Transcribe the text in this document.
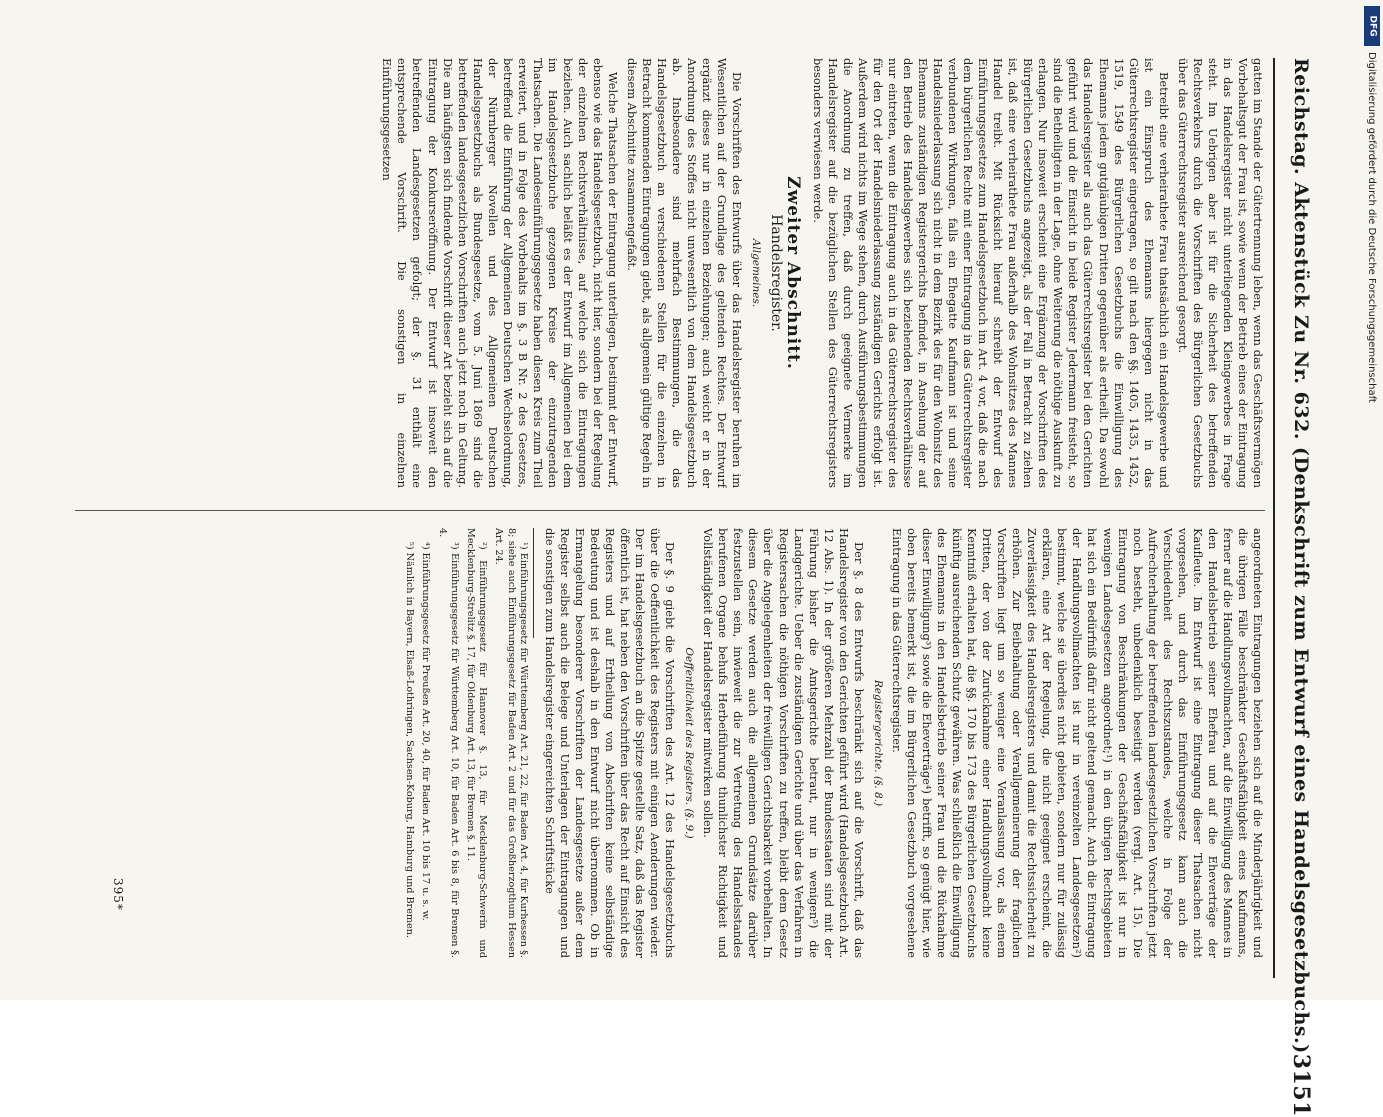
Reichstag. Aktenstück Zu Nr. 632. (Denkschrift zum Entwurf eines Handelsgesetzbuchs.)
3151

gatten im Stande der Gütertrennung leben, wenn das Geschäftsvermögen Vorbehaltsgut der Frau ist, sowie wenn der Betrieb eines der Eintragung in das Handelsregister nicht unterliegenden Kleingewerbes in Frage steht. Im Uebrigen aber ist für die Sicherheit des betreffenden Rechtsverkehrs durch die Vorschriften des Bürgerlichen Gesetzbuchs über das Güterrechtsregister ausreichend gesorgt.

Betreibt eine verheirathete Frau thatsächlich ein Handelsgewerbe und ist ein Einspruch des Ehemanns hiergegen nicht in das Güterrechtsregister eingetragen, so gilt nach den §§. 1405, 1435, 1452, 1519, 1549 des Bürgerlichen Gesetzbuchs die Einwilligung des Ehemanns jedem gutgläubigen Dritten gegenüber als ertheilt. Da sowohl das Handelsregister als auch das Güterrechtsregister bei den Gerichten geführt wird und die Einsicht in beide Register Jedermann freisteht, so sind die Betheiligten in der Lage, ohne Weiterung die nöthige Auskunft zu erlangen. Nur insoweit erscheint eine Ergänzung der Vorschriften des Bürgerlichen Gesetzbuchs angezeigt, als der Fall in Betracht zu ziehen ist, daß eine verheirathete Frau außerhalb des Wohnsitzes des Mannes Handel treibt. Mit Rücksicht hierauf schreibt der Entwurf des Einführungsgesetzes zum Handelsgesetzbuch im Art. 4 vor, daß die nach dem bürgerlichen Rechte mit einer Eintragung in das Güterrechtsregister verbundenen Wirkungen, falls ein Ehegatte Kaufmann ist und seine Handelsniederlassung sich nicht in dem Bezirk des für den Wohnsitz des Ehemanns zuständigen Registergerichts befindet, in Ansehung der auf den Betrieb des Handelsgewerbes sich beziehenden Rechtsverhältnisse nur eintreten, wenn die Eintragung auch in das Güterrechtsregister des für den Ort der Handelsniederlassung zuständigen Gerichts erfolgt ist. Außerdem wird nichts im Wege stehen, durch Ausführungsbestimmungen die Anordnung zu treffen, daß durch geeignete Vermerke im Handelsregister auf die bezüglichen Stellen des Güterrechtsregisters besonders verwiesen werde.

Zweiter Abschnitt.
Handelsregister.
Allgemeines.

Die Vorschriften des Entwurfs über das Handelsregister beruhen im Wesentlichen auf der Grundlage des geltenden Rechtes. Der Entwurf ergänzt dieses nur in einzelnen Beziehungen; auch weicht er in der Anordnung des Stoffes nicht unwesentlich von dem Handelsgesetzbuch ab. Insbesondere sind mehrfach Bestimmungen, die das Handelsgesetzbuch an verschiedenen Stellen für die einzelnen in Betracht kommenden Eintragungen giebt, als allgemein gültige Regeln in diesem Abschnitte zusammengefaßt.

Welche Thatsachen der Eintragung unterliegen, bestimmt der Entwurf, ebenso wie das Handelsgesetzbuch, nicht hier, sondern bei der Regelung der einzelnen Rechtsverhältnisse, auf welche sich die Eintragungen beziehen. Auch sachlich beläßt es der Entwurf im Allgemeinen bei dem im Handelsgesetzbuche gezogenen Kreise der einzutragenden Thatsachen. Die Landeseinführungsgesetze haben diesen Kreis zum Theil erweitert, und in Folge des Vorbehalts im §. 3 B Nr. 2 des Gesetzes, betreffend die Einführung der Allgemeinen Deutschen Wechselordnung, der Nürnberger Novellen und des Allgemeinen Deutschen Handelsgesetzbuchs als Bundesgesetze, vom 5. Juni 1869 sind die betreffenden landesgesetzlichen Vorschriften auch jetzt noch in Geltung. Die am häufigsten sich findende Vorschrift dieser Art bezieht sich auf die Eintragung der Konkurseröffnung. Der Entwurf ist insoweit den betreffenden Landesgesetzen gefolgt; der §. 31 enthält eine entsprechende Vorschrift. Die sonstigen in einzelnen Einführungsgesetzen

angeordneten Eintragungen beziehen sich auf die Minderjährigkeit und die übrigen Fälle beschränkter Geschäftsfähigkeit eines Kaufmanns, ferner auf die Handlungsvollmachten, auf die Einwilligung des Mannes in den Handelsbetrieb seiner Ehefrau und auf die Eheverträge der Kaufleute. Im Entwurf ist eine Eintragung dieser Thatsachen nicht vorgesehen, und durch das Einführungsgesetz kann auch die Verschiedenheit des Rechtszustandes, welche in Folge der Aufrechterhaltung der betreffenden landesgesetzlichen Vorschriften jetzt noch besteht, unbedenklich beseitigt werden (vergl. Art. 15). Die Eintragung von Beschränkungen der Geschäftsfähigkeit ist nur in wenigen Landesgesetzen angeordnet;¹) in den übrigen Rechtsgebieten hat sich ein Bedürfniß dafür nicht geltend gemacht. Auch die Eintragung der Handlungsvollmachten ist nur in vereinzelten Landesgesetzen²) bestimmt, welche sie überdies nicht gebieten, sondern nur für zulässig erklären, eine Art der Regelung, die nicht geeignet erscheint, die Zuverlässigkeit des Handelsregisters und damit die Rechtssicherheit zu erhöhen. Zur Beibehaltung oder Verallgemeinerung der fraglichen Vorschriften liegt um so weniger eine Veranlassung vor, als einem Dritten, der von der Zurücknahme einer Handlungsvollmacht keine Kenntniß erhalten hat, die §§. 170 bis 173 des Bürgerlichen Gesetzbuchs künftig ausreichenden Schutz gewähren. Was schließlich die Einwilligung des Ehemanns in den Handelsbetrieb seiner Frau und die Rücknahme dieser Einwilligung³) sowie die Eheverträge⁴) betrifft, so genügt hier, wie oben bereits bemerkt ist, die im Bürgerlichen Gesetzbuch vorgesehene Eintragung in das Güterrechtsregister.

Registergerichte. (§. 8.)

Der §. 8 des Entwurfs beschränkt sich auf die Vorschrift, daß das Handelsregister von den Gerichten geführt wird (Handelsgesetzbuch Art. 12 Abs. 1). In der größeren Mehrzahl der Bundesstaaten sind mit der Führung bisher die Amtsgerichte betraut, nur in wenigen⁵) die Landgerichte. Ueber die zuständigen Gerichte und über das Verfahren in Registersachen die nöthigen Vorschriften zu treffen, bleibt dem Gesetz über die Angelegenheiten der freiwilligen Gerichtsbarkeit vorbehalten. In diesem Gesetze werden auch die allgemeinen Grundsätze darüber festzustellen sein, inwieweit die zur Vertretung des Handelsstandes berufenen Organe behufs Herbeiführung thunlichster Richtigkeit und Vollständigkeit der Handelsregister mitwirken sollen.

Oeffentlichkeit des Registers. (§. 9.)

Der §. 9 giebt die Vorschriften des Art. 12 des Handelsgesetzbuchs über die Oeffentlichkeit des Registers mit einigen Aenderungen wieder. Der im Handelsgesetzbuch an die Spitze gestellte Satz, daß das Register öffentlich ist, hat neben den Vorschriften über das Recht auf Einsicht des Registers und auf Ertheilung von Abschriften keine selbständige Bedeutung und ist deshalb in den Entwurf nicht übernommen. Ob in Ermangelung besonderer Vorschriften der Landesgesetze außer dem Register selbst auch die Belege und Unterlagen der Eintragungen und die sonstigen zum Handelsregister eingereichten Schriftstücke

¹) Einführungsgesetz für Württemberg Art. 21, 22, für Baden Art. 4, für Kurhessen §. 8; siehe auch Einführungsgesetz für Baden Art. 2 und für das Großherzogthum Hessen Art. 24.

²) Einführungsgesetz für Hannover §. 13, für Mecklenburg-Schwerin und Mecklenburg-Strelitz §. 17, für Oldenburg Art. 13, für Bremen §. 11.

³) Einführungsgesetz für Württemberg Art. 10, für Baden Art. 6 bis 8, für Bremen §. 4.

⁴) Einführungsgesetz für Preußen Art. 20, 40, für Baden Art. 10 bis 17 u. s. w.

⁵) Nämlich in Bayern, Elsaß-Lothringen, Sachsen-Koburg, Hamburg und Bremen.

395*
DFG
Digitalisierung gefördert durch die Deutsche Forschungsgemeinschaft
